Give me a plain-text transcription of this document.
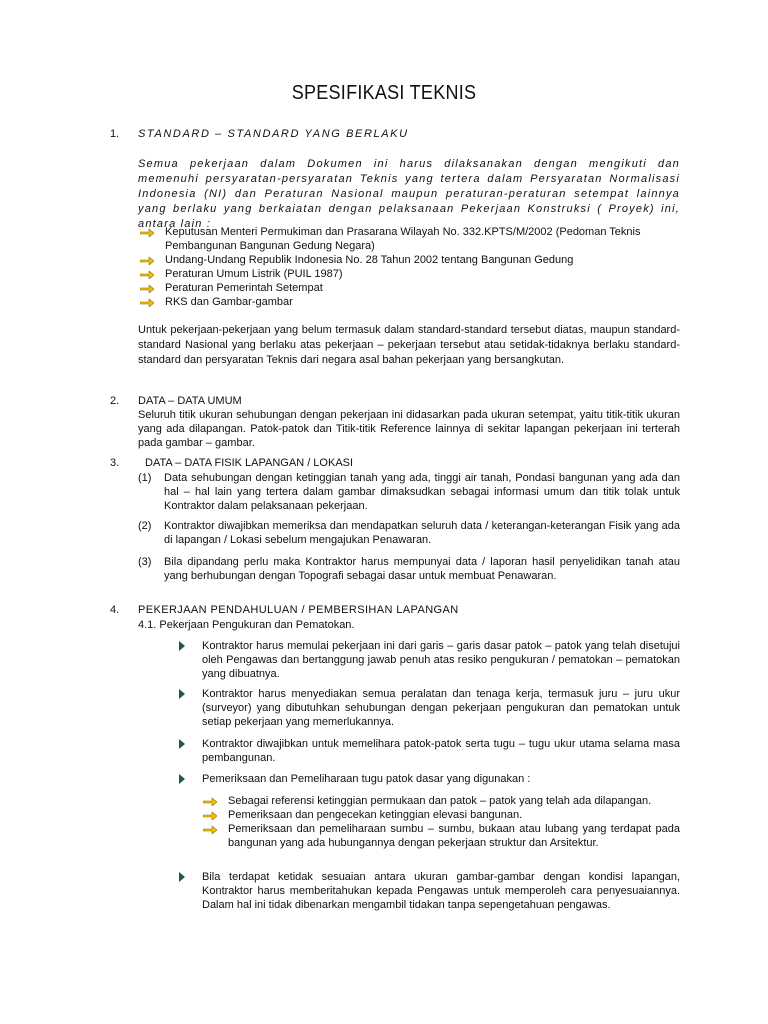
SPESIFIKASI TEKNIS
1. STANDARD – STANDARD YANG BERLAKU

Semua pekerjaan dalam Dokumen ini harus dilaksanakan dengan mengikuti dan memenuhi persyaratan-persyaratan Teknis yang tertera dalam Persyaratan Normalisasi Indonesia (NI) dan Peraturan Nasional maupun peraturan-peraturan setempat lainnya yang berlaku yang berkaiatan dengan pelaksanaan Pekerjaan Konstruksi ( Proyek) ini, antara lain :

Keputusan Menteri Permukiman dan Prasarana Wilayah No. 332.KPTS/M/2002 (Pedoman Teknis Pembangunan Bangunan Gedung Negara)
Undang-Undang Republik Indonesia No. 28 Tahun 2002 tentang Bangunan Gedung
Peraturan Umum Listrik (PUIL 1987)
Peraturan Pemerintah Setempat
RKS dan Gambar-gambar

Untuk pekerjaan-pekerjaan yang belum termasuk dalam standard-standard tersebut diatas, maupun standard-standard Nasional yang berlaku atas pekerjaan – pekerjaan tersebut atau setidak-tidaknya berlaku standard-standard dan persyaratan Teknis dari negara asal bahan pekerjaan yang bersangkutan.

2. DATA – DATA UMUM

Seluruh titik ukuran sehubungan dengan pekerjaan ini didasarkan pada ukuran setempat, yaitu titik-titik ukuran yang ada dilapangan. Patok-patok dan Titik-titik Reference lainnya di sekitar lapangan pekerjaan ini terterah pada gambar – gambar.

3. DATA – DATA FISIK LAPANGAN / LOKASI
(1) Data sehubungan dengan ketinggian tanah yang ada, tinggi air tanah, Pondasi bangunan yang ada dan hal – hal lain yang tertera dalam gambar dimaksudkan sebagai informasi umum dan titik tolak untuk Kontraktor dalam pelaksanaan pekerjaan.
(2) Kontraktor diwajibkan memeriksa dan mendapatkan seluruh data / keterangan-keterangan Fisik yang ada di lapangan / Lokasi sebelum mengajukan Penawaran.
(3) Bila dipandang perlu maka Kontraktor harus mempunyai data / laporan hasil penyelidikan tanah atau yang berhubungan dengan Topografi sebagai dasar untuk membuat Penawaran.
4. PEKERJAAN PENDAHULUAN / PEMBERSIHAN LAPANGAN
4.1. Pekerjaan Pengukuran dan Pematokan.
Kontraktor harus memulai pekerjaan ini dari garis – garis dasar patok – patok yang telah disetujui oleh Pengawas dan bertanggung jawab penuh atas resiko pengukuran / pematokan – pematokan yang dibuatnya.
Kontraktor harus menyediakan semua peralatan dan tenaga kerja, termasuk juru – juru ukur (surveyor) yang dibutuhkan sehubungan dengan pekerjaan pengukuran dan pematokan untuk setiap pekerjaan yang memerlukannya.
Kontraktor diwajibkan untuk memelihara patok-patok serta tugu – tugu ukur utama selama masa pembangunan.
Pemeriksaan dan Pemeliharaan tugu patok dasar yang digunakan :
Sebagai referensi ketinggian permukaan dan patok – patok yang telah ada dilapangan.
Pemeriksaan dan pengecekan ketinggian elevasi bangunan.
Pemeriksaan dan pemeliharaan sumbu – sumbu, bukaan atau lubang yang terdapat pada bangunan yang ada hubungannya dengan pekerjaan struktur dan Arsitektur.
Bila terdapat ketidak sesuaian antara ukuran gambar-gambar dengan kondisi lapangan, Kontraktor harus memberitahukan kepada Pengawas untuk memperoleh cara penyesuaiannya. Dalam hal ini tidak dibenarkan mengambil tidakan tanpa sepengetahuan pengawas.
